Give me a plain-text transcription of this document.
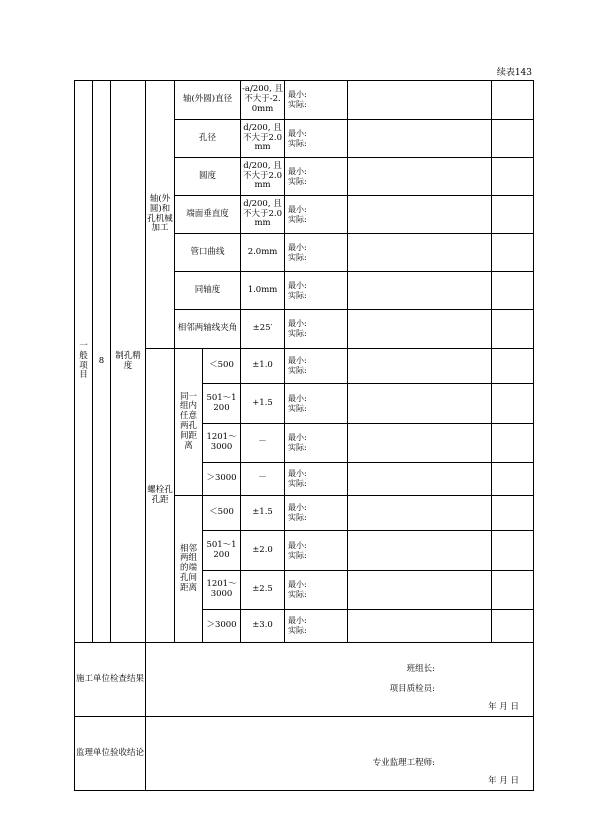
续表143
一般项目	8	制孔精度	轴(外圆)和孔机械加工	轴(外圆)直径		-a/200, 且不大于-2.0mm	最小:
实际:		

				孔径		d/200, 且不大于2.0mm	最小:
实际:		

				圆度		d/200, 且不大于2.0mm	最小:
实际:		

				端面垂直度		d/200, 且不大于2.0mm	最小:
实际:		

				管口曲线		2.0mm	最小:
实际:		

				同轴度		1.0mm	最小:
实际:		

				相邻两轴线夹角		±25′	最小:
实际:		

			螺栓孔孔距	同一组内任意两孔间距离	＜500	±1.0	最小:
实际:		

					501～1200	+1.5	最小:
实际:		

					1201～3000	－	最小:
实际:		

					＞3000	－	最小:
实际:		

				相邻两组的端孔间距离	＜500	±1.5	最小:
实际:		

					501～1200	±2.0	最小:
实际:		

					1201～3000	±2.5	最小:
实际:		

					＞3000	±3.0	最小:
实际:		

施工单位检查结果			班组长:
项目质检员:
年 月 日						

监理单位验收结论			专业监理工程师:
年 月 日						
